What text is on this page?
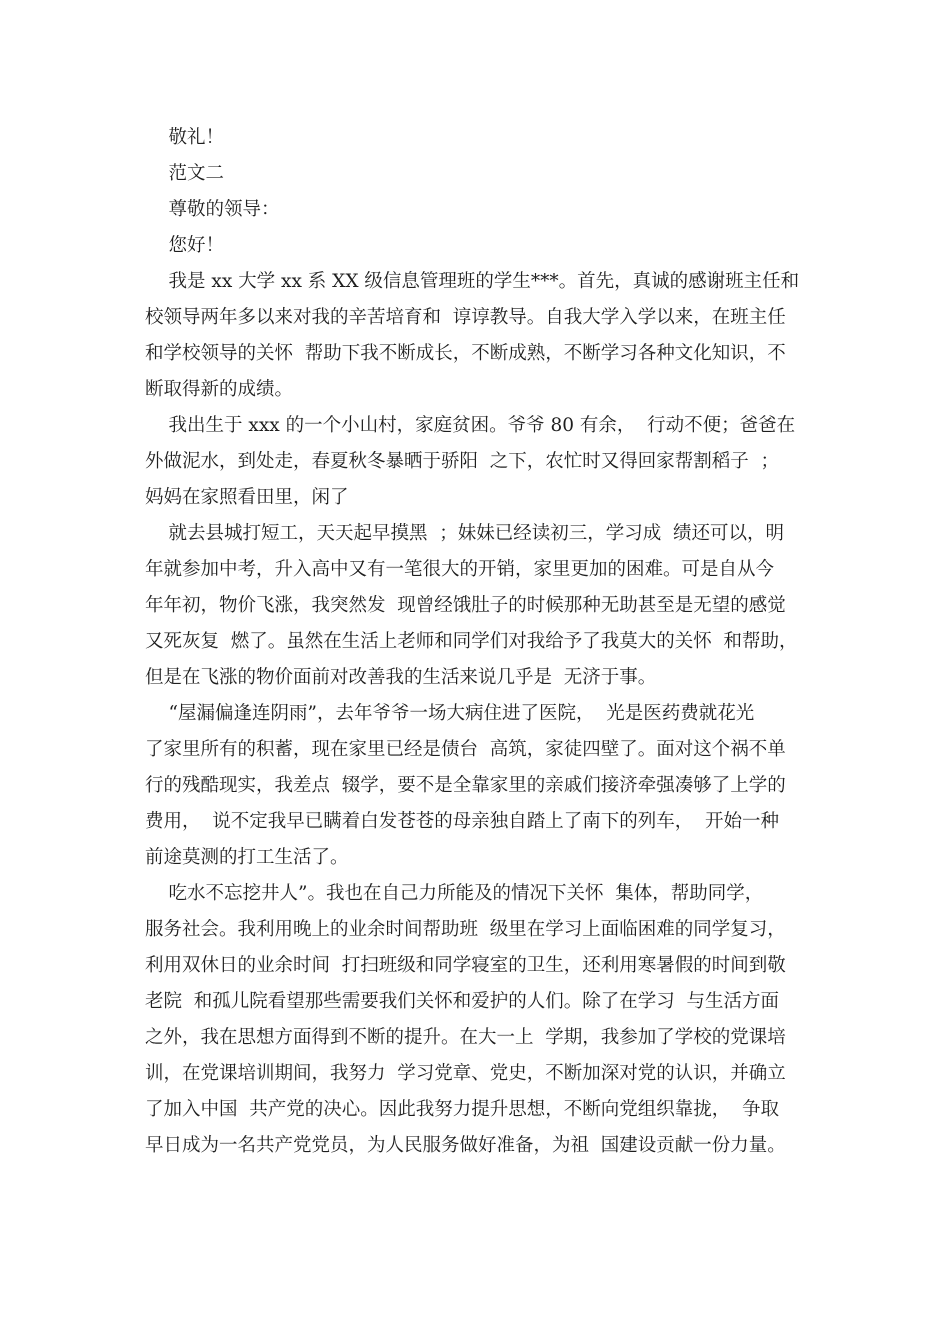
敬礼！
范文二
尊敬的领导：
您好！
我是 xx 大学 xx 系 XX 级信息管理班的学生***。首先，真诚的感谢班主任和
校领导两年多以来对我的辛苦培育和  谆谆教导。自我大学入学以来，在班主任
和学校领导的关怀  帮助下我不断成长，不断成熟，不断学习各种文化知识，不
断取得新的成绩。
我出生于 xxx 的一个小山村，家庭贫困。爷爷 80 有余，  行动不便；爸爸在
外做泥水，到处走，春夏秋冬暴晒于骄阳  之下，农忙时又得回家帮割稻子  ；
妈妈在家照看田里，闲了
就去县城打短工，天天起早摸黑  ；妹妹已经读初三，学习成  绩还可以，明
年就参加中考，升入高中又有一笔很大的开销，家里更加的困难。可是自从今
年年初，物价飞涨，我突然发  现曾经饿肚子的时候那种无助甚至是无望的感觉
又死灰复  燃了。虽然在生活上老师和同学们对我给予了我莫大的关怀  和帮助，
但是在飞涨的物价面前对改善我的生活来说几乎是  无济于事。
“屋漏偏逢连阴雨”，去年爷爷一场大病住进了医院，  光是医药费就花光
了家里所有的积蓄，现在家里已经是债台  高筑，家徒四壁了。面对这个祸不单
行的残酷现实，我差点  辍学，要不是全靠家里的亲戚们接济牵强凑够了上学的
费用，  说不定我早已瞒着白发苍苍的母亲独自踏上了南下的列车，  开始一种
前途莫测的打工生活了。
吃水不忘挖井人”。我也在自己力所能及的情况下关怀  集体，帮助同学，
服务社会。我利用晚上的业余时间帮助班  级里在学习上面临困难的同学复习，
利用双休日的业余时间  打扫班级和同学寝室的卫生，还利用寒暑假的时间到敬
老院  和孤儿院看望那些需要我们关怀和爱护的人们。除了在学习  与生活方面
之外，我在思想方面得到不断的提升。在大一上  学期，我参加了学校的党课培
训，在党课培训期间，我努力  学习党章、党史，不断加深对党的认识，并确立
了加入中国  共产党的决心。因此我努力提升思想，不断向党组织靠拢，  争取
早日成为一名共产党党员，为人民服务做好准备，为祖  国建设贡献一份力量。
